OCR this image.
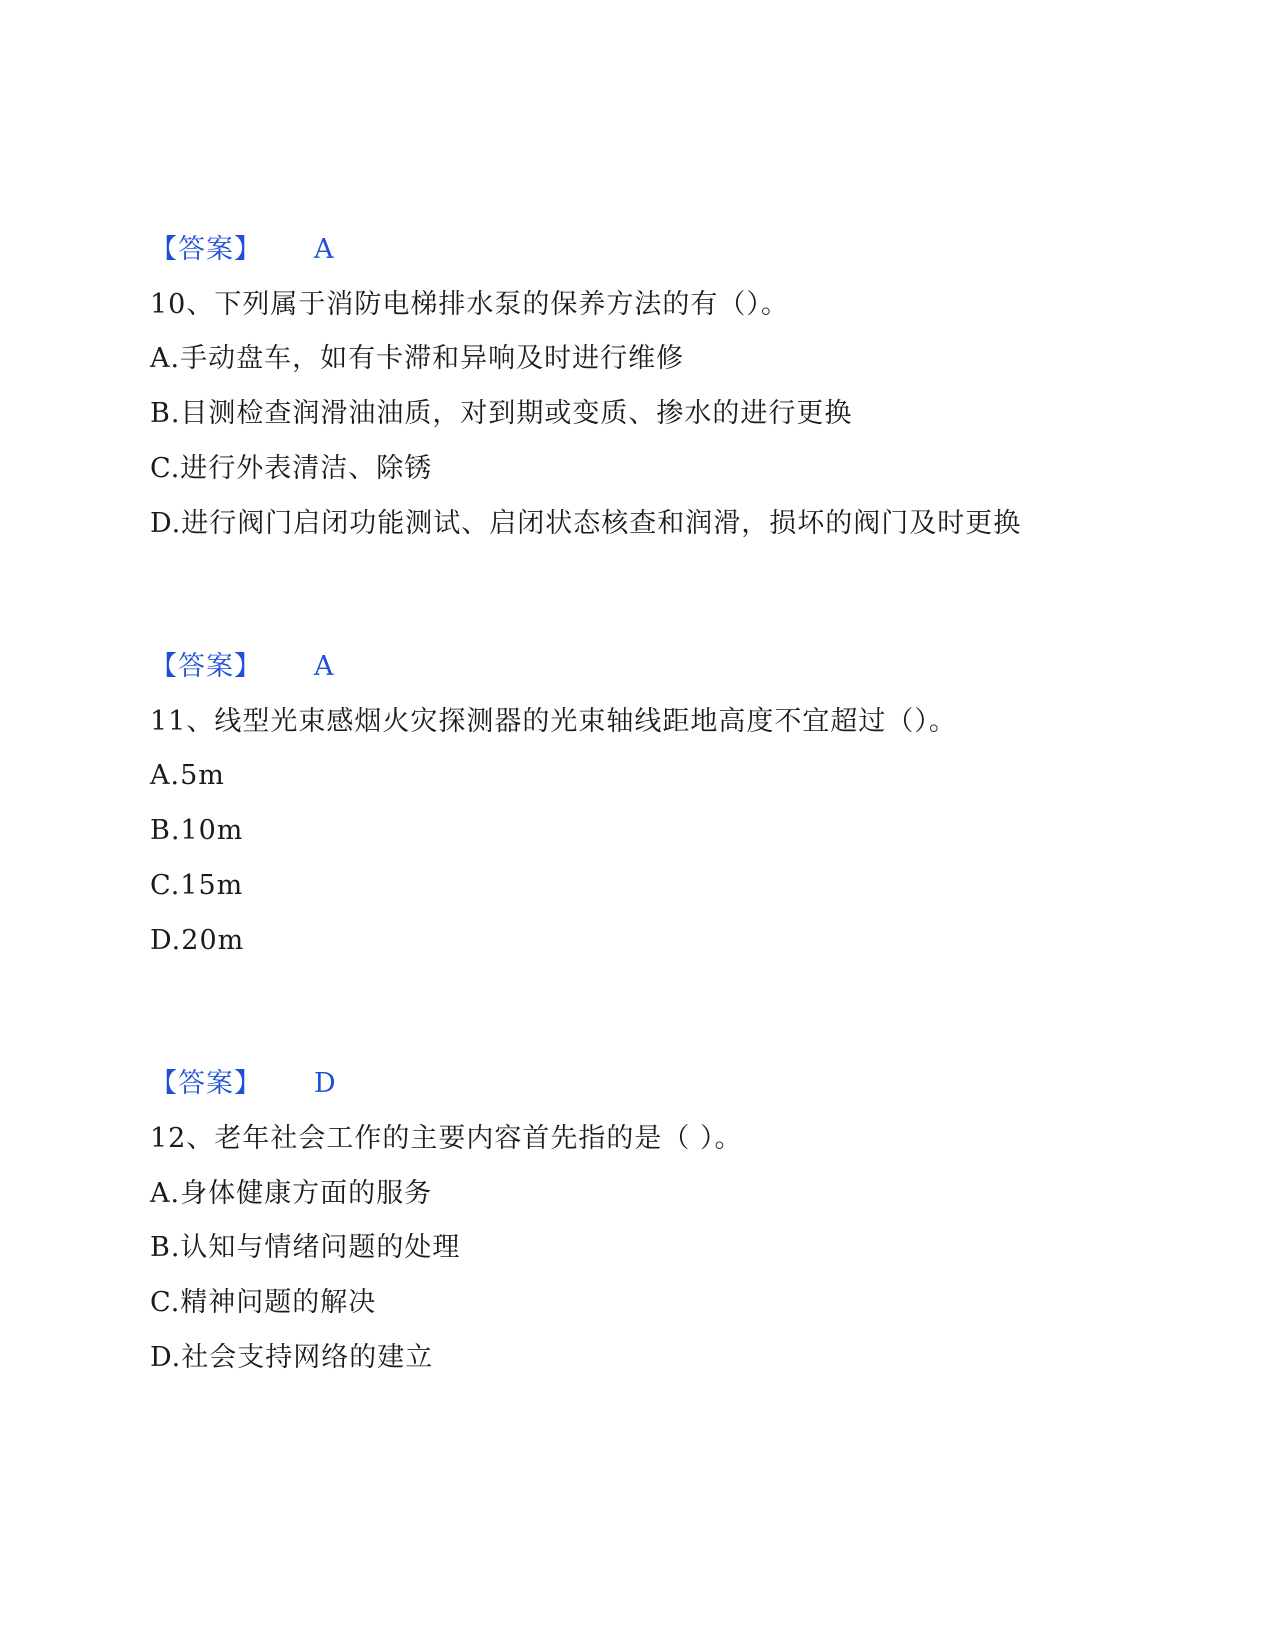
【答案】 A
10、下列属于消防电梯排水泵的保养方法的有（）。
A.手动盘车，如有卡滞和异响及时进行维修
B.目测检查润滑油油质，对到期或变质、掺水的进行更换
C.进行外表清洁、除锈
D.进行阀门启闭功能测试、启闭状态核查和润滑，损坏的阀门及时更换
【答案】 A
11、线型光束感烟火灾探测器的光束轴线距地高度不宜超过（）。
A.5m
B.10m
C.15m
D.20m
【答案】 D
12、老年社会工作的主要内容首先指的是（ ）。
A.身体健康方面的服务
B.认知与情绪问题的处理
C.精神问题的解决
D.社会支持网络的建立
